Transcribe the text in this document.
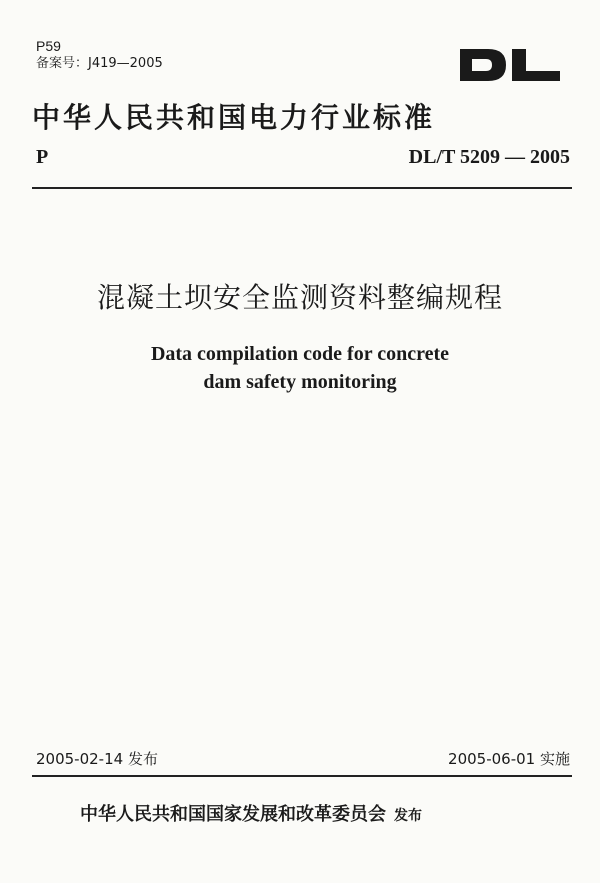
P59
备案号：J419—2005
中华人民共和国电力行业标准
P	DL/T 5209 — 2005
混凝土坝安全监测资料整编规程
Data compilation code for concrete
dam safety monitoring
2005-02-14 发布	2005-06-01 实施
中华人民共和国国家发展和改革委员会 发布
